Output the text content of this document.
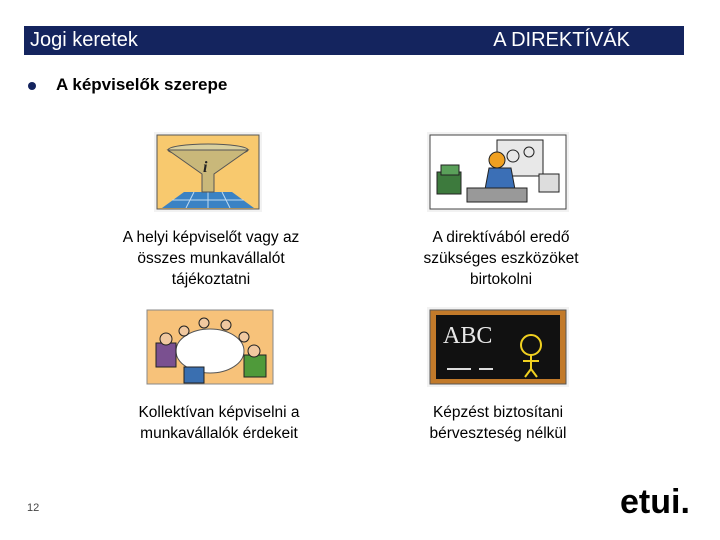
Jogi keretek	A DIREKTÍVÁK
A képviselők szerepe
i
ABC
A helyi képviselőt vagy az
összes munkavállalót
tájékoztatni
A direktívából eredő
szükséges eszközöket
birtokolni
Kollektívan képviselni a
munkavállalók érdekeit
Képzést biztosítani
bérveszteség nélkül
12	etui.
